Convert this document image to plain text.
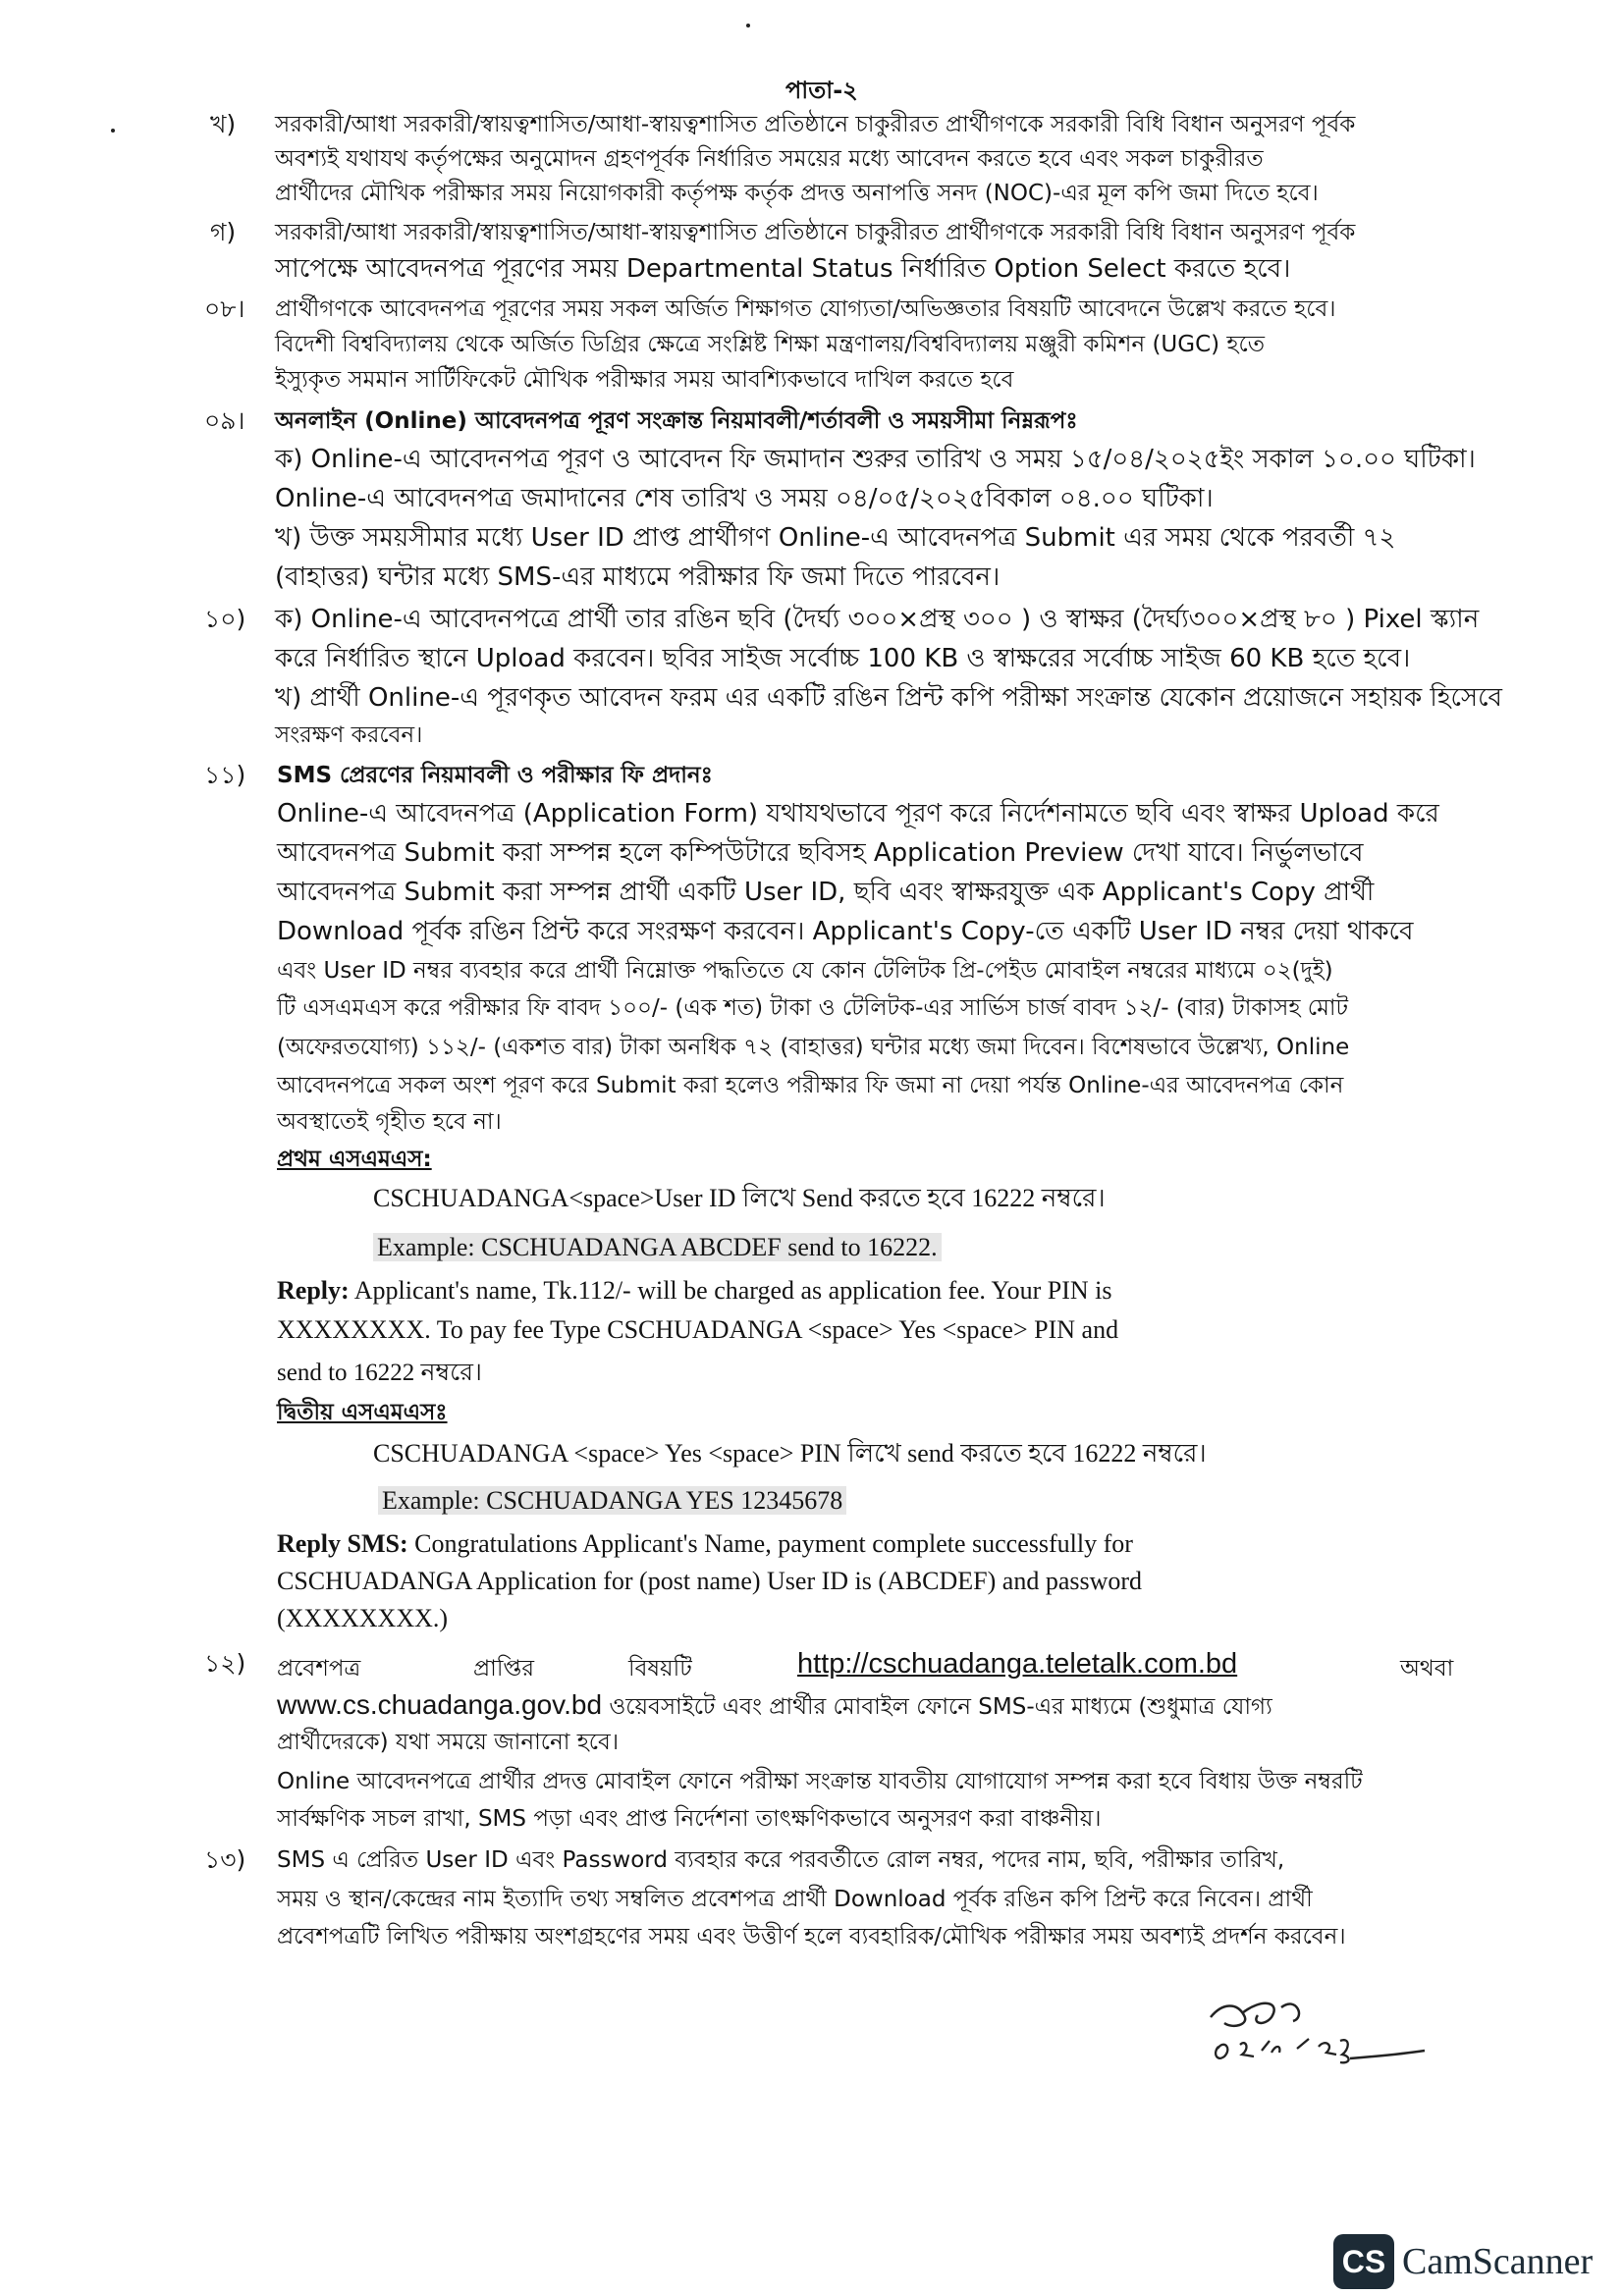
পাতা-২
খ) সরকারী/আধা সরকারী/স্বায়ত্বশাসিত/আধা-স্বায়ত্বশাসিত প্রতিষ্ঠানে চাকুরীরত প্রার্থীগণকে সরকারী বিধি বিধান অনুসরণ পূর্বক
অবশ্যই যথাযথ কর্তৃপক্ষের অনুমোদন গ্রহণপূর্বক নির্ধারিত সময়ের মধ্যে আবেদন করতে হবে এবং সকল চাকুরীরত
প্রার্থীদের মৌখিক পরীক্ষার সময় নিয়োগকারী কর্তৃপক্ষ কর্তৃক প্রদত্ত অনাপত্তি সনদ (NOC)-এর মূল কপি জমা দিতে হবে।
গ) সরকারী/আধা সরকারী/স্বায়ত্বশাসিত/আধা-স্বায়ত্বশাসিত প্রতিষ্ঠানে চাকুরীরত প্রার্থীগণকে সরকারী বিধি বিধান অনুসরণ পূর্বক
সাপেক্ষে আবেদনপত্র পূরণের সময় Departmental Status নির্ধারিত Option Select করতে হবে।
০৮। প্রার্থীগণকে আবেদনপত্র পূরণের সময় সকল অর্জিত শিক্ষাগত যোগ্যতা/অভিজ্ঞতার বিষয়টি আবেদনে উল্লেখ করতে হবে।
বিদেশী বিশ্ববিদ্যালয় থেকে অর্জিত ডিগ্রির ক্ষেত্রে সংশ্লিষ্ট শিক্ষা মন্ত্রণালয়/বিশ্ববিদ্যালয় মঞ্জুরী কমিশন (UGC) হতে
ইস্যুকৃত সমমান সার্টিফিকেট মৌখিক পরীক্ষার সময় আবশ্যিকভাবে দাখিল করতে হবে
০৯। অনলাইন (Online) আবেদনপত্র পূরণ সংক্রান্ত নিয়মাবলী/শর্তাবলী ও সময়সীমা নিম্নরূপঃ
ক) Online-এ আবেদনপত্র পূরণ ও আবেদন ফি জমাদান শুরুর তারিখ ও সময় ১৫/০৪/২০২৫ইং সকাল ১০.০০ ঘটিকা।
Online-এ আবেদনপত্র জমাদানের শেষ তারিখ ও সময় ০৪/০৫/২০২৫বিকাল ০৪.০০ ঘটিকা।
খ) উক্ত সময়সীমার মধ্যে User ID প্রাপ্ত প্রার্থীগণ Online-এ আবেদনপত্র Submit এর সময় থেকে পরবর্তী ৭২
(বাহাত্তর) ঘন্টার মধ্যে SMS-এর মাধ্যমে পরীক্ষার ফি জমা দিতে পারবেন।
১০) ক) Online-এ আবেদনপত্রে প্রার্থী তার রঙিন ছবি (দৈর্ঘ্য ৩০০×প্রস্থ ৩০০ ) ও স্বাক্ষর (দৈর্ঘ্য৩০০×প্রস্থ ৮০ ) Pixel স্ক্যান
করে নির্ধারিত স্থানে Upload করবেন। ছবির সাইজ সর্বোচ্চ 100 KB ও স্বাক্ষরের সর্বোচ্চ সাইজ 60 KB হতে হবে।
খ) প্রার্থী Online-এ পূরণকৃত আবেদন ফরম এর একটি রঙিন প্রিন্ট কপি পরীক্ষা সংক্রান্ত যেকোন প্রয়োজনে সহায়ক হিসেবে
সংরক্ষণ করবেন।
১১) SMS প্রেরণের নিয়মাবলী ও পরীক্ষার ফি প্রদানঃ
Online-এ আবেদনপত্র (Application Form) যথাযথভাবে পূরণ করে নির্দেশনামতে ছবি এবং স্বাক্ষর Upload করে
আবেদনপত্র Submit করা সম্পন্ন হলে কম্পিউটারে ছবিসহ Application Preview দেখা যাবে। নির্ভুলভাবে
আবেদনপত্র Submit করা সম্পন্ন প্রার্থী একটি User ID, ছবি এবং স্বাক্ষরযুক্ত এক Applicant's Copy প্রার্থী
Download পূর্বক রঙিন প্রিন্ট করে সংরক্ষণ করবেন। Applicant's Copy-তে একটি User ID নম্বর দেয়া থাকবে
এবং User ID নম্বর ব্যবহার করে প্রার্থী নিম্নোক্ত পদ্ধতিতে যে কোন টেলিটক প্রি-পেইড মোবাইল নম্বরের মাধ্যমে ০২(দুই)
টি এসএমএস করে পরীক্ষার ফি বাবদ ১০০/- (এক শত) টাকা ও টেলিটক-এর সার্ভিস চার্জ বাবদ ১২/- (বার) টাকাসহ মোট
(অফেরতযোগ্য) ১১২/- (একশত বার) টাকা অনধিক ৭২ (বাহাত্তর) ঘন্টার মধ্যে জমা দিবেন। বিশেষভাবে উল্লেখ্য, Online
আবেদনপত্রে সকল অংশ পূরণ করে Submit করা হলেও পরীক্ষার ফি জমা না দেয়া পর্যন্ত Online-এর আবেদনপত্র কোন
অবস্থাতেই গৃহীত হবে না।
প্রথম এসএমএস:
CSCHUADANGA<space>User ID লিখে Send করতে হবে 16222 নম্বরে।
Example: CSCHUADANGA ABCDEF send to 16222.
Reply: Applicant's name, Tk.112/- will be charged as application fee. Your PIN is
XXXXXXXX. To pay fee Type CSCHUADANGA <space> Yes <space> PIN and
send to 16222 নম্বরে।
দ্বিতীয় এসএমএসঃ
CSCHUADANGA <space> Yes <space> PIN লিখে send করতে হবে 16222 নম্বরে।
Example: CSCHUADANGA YES 12345678
Reply SMS: Congratulations Applicant's Name, payment complete successfully for
CSCHUADANGA Application for (post name) User ID is (ABCDEF) and password
(XXXXXXXX.)
১২) প্রবেশপত্র	প্রাপ্তির	বিষয়টি	http://cschuadanga.teletalk.com.bd	অথবা
www.cs.chuadanga.gov.bd ওয়েবসাইটে এবং প্রার্থীর মোবাইল ফোনে SMS-এর মাধ্যমে (শুধুমাত্র যোগ্য
প্রার্থীদেরকে) যথা সময়ে জানানো হবে।
Online আবেদনপত্রে প্রার্থীর প্রদত্ত মোবাইল ফোনে পরীক্ষা সংক্রান্ত যাবতীয় যোগাযোগ সম্পন্ন করা হবে বিধায় উক্ত নম্বরটি
সার্বক্ষণিক সচল রাখা, SMS পড়া এবং প্রাপ্ত নির্দেশনা তাৎক্ষণিকভাবে অনুসরণ করা বাঞ্চনীয়।
১৩) SMS এ প্রেরিত User ID এবং Password ব্যবহার করে পরবর্তীতে রোল নম্বর, পদের নাম, ছবি, পরীক্ষার তারিখ,
সময় ও স্থান/কেন্দ্রের নাম ইত্যাদি তথ্য সম্বলিত প্রবেশপত্র প্রার্থী Download পূর্বক রঙিন কপি প্রিন্ট করে নিবেন। প্রার্থী
প্রবেশপত্রটি লিখিত পরীক্ষায় অংশগ্রহণের সময় এবং উত্তীর্ণ হলে ব্যবহারিক/মৌখিক পরীক্ষার সময় অবশ্যই প্রদর্শন করবেন।
CS CamScanner
